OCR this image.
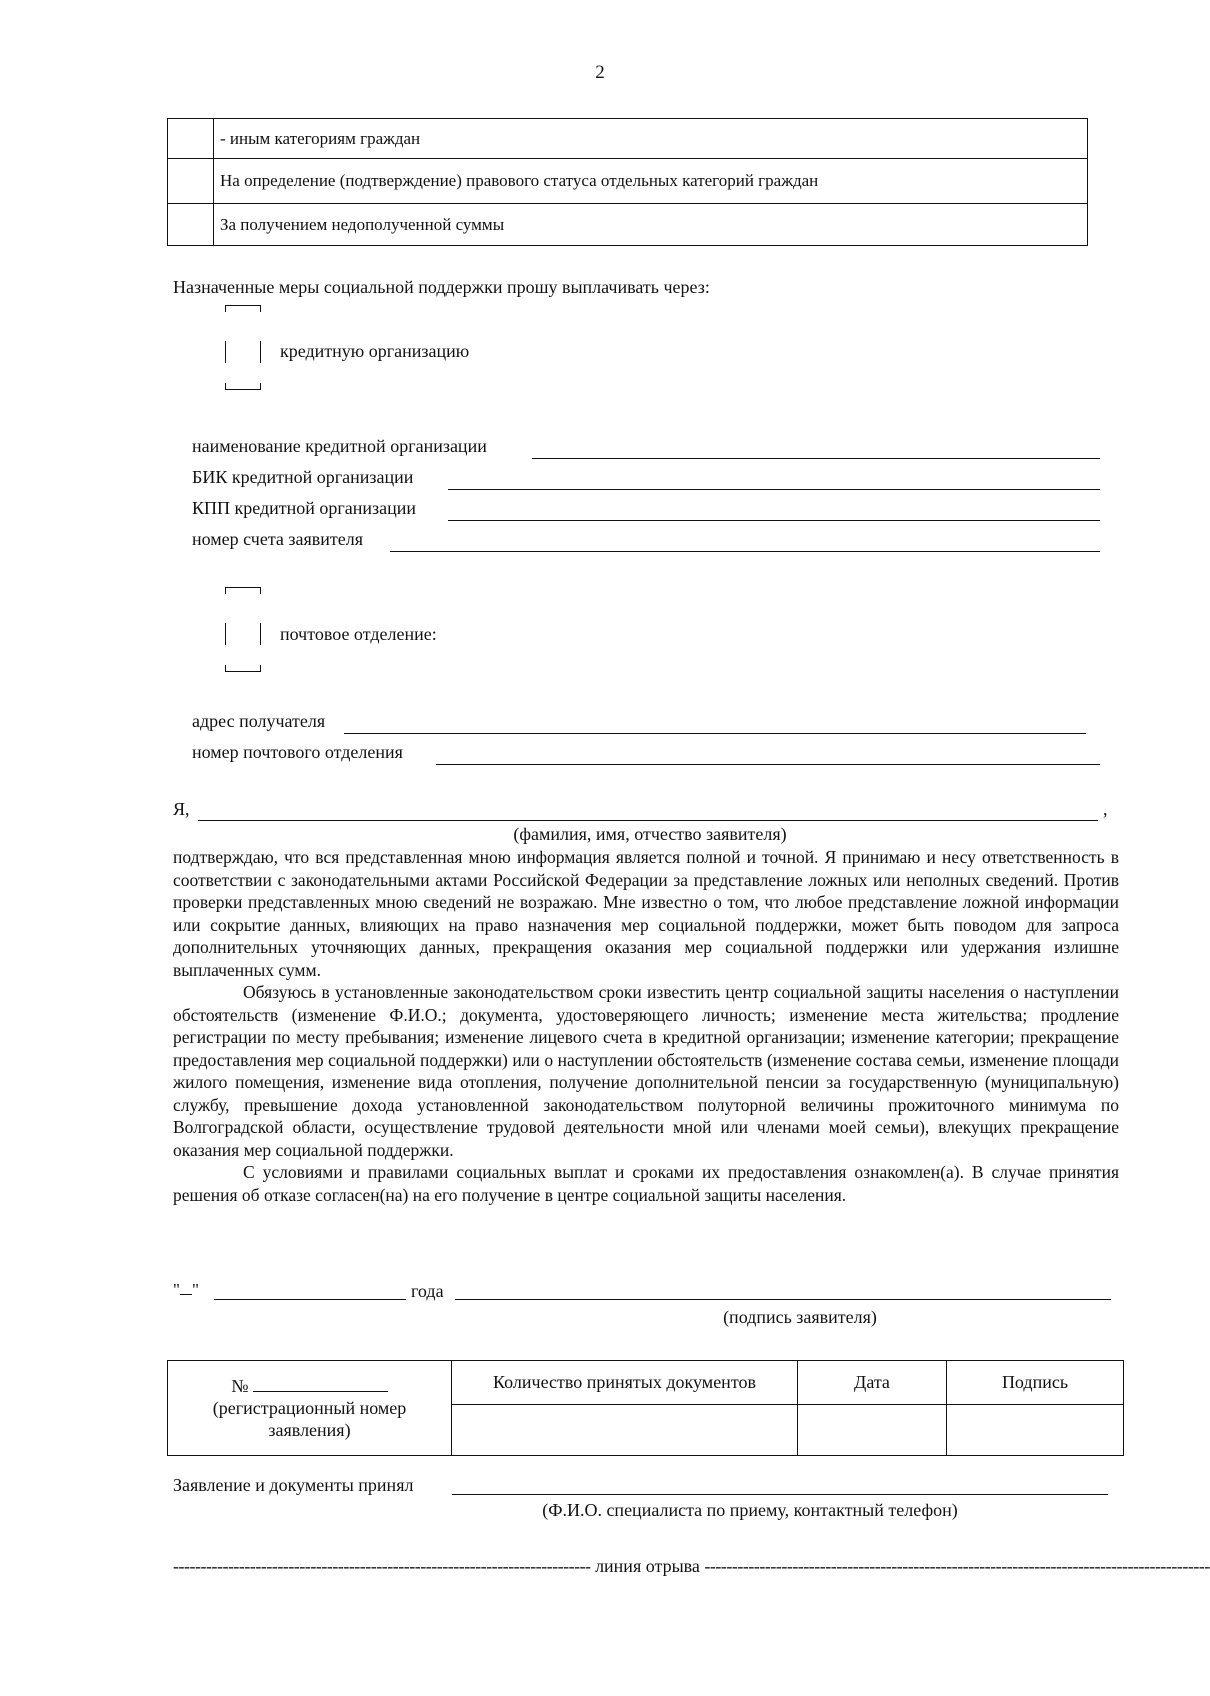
2
	- иным категориям граждан
	На определение (подтверждение) правового статуса отдельных категорий граждан
	За получением недополученной суммы
Назначенные меры социальной поддержки прошу выплачивать через:
кредитную организацию
наименование кредитной организации
БИК кредитной организации
КПП кредитной организации
номер счета заявителя
почтовое отделение:
адрес получателя
номер почтового отделения
Я,	,
(фамилия, имя, отчество заявителя)

подтверждаю, что вся представленная мною информация является полной и точной. Я принимаю и несу ответственность в соответствии с законодательными актами Российской Федерации за представление ложных или неполных сведений. Против проверки представленных мною сведений не возражаю. Мне известно о том, что любое представление ложной информации или сокрытие данных, влияющих на право назначения мер социальной поддержки, может быть поводом для запроса дополнительных уточняющих данных, прекращения оказания мер социальной поддержки или удержания излишне выплаченных сумм.

Обязуюсь в установленные законодательством сроки известить центр социальной защиты населения о наступлении обстоятельств (изменение Ф.И.О.; документа, удостоверяющего личность; изменение места жительства; продление регистрации по месту пребывания; изменение лицевого счета в кредитной организации; изменение категории; прекращение предоставления мер социальной поддержки) или о наступлении обстоятельств (изменение состава семьи, изменение площади жилого помещения, изменение вида отопления, получение дополнительной пенсии за государственную (муниципальную) службу, превышение дохода установленной законодательством полуторной величины прожиточного минимума по Волгоградской области, осуществление трудовой деятельности мной или членами моей семьи), влекущих прекращение оказания мер социальной поддержки.

С условиями и правилами социальных выплат и сроками их предоставления ознакомлен(а). В случае принятия решения об отказе согласен(на) на его получение в центре социальной защиты населения.

" "	года
(подпись заявителя)
№
(регистрационный номер заявления)	Количество принятых документов	Дата	Подпись

Заявление и документы принял
(Ф.И.О. специалиста по приему, контактный телефон)
---------------------------------------------------------------------------- линия отрыва --------------------------------------------------------------------------------------------
